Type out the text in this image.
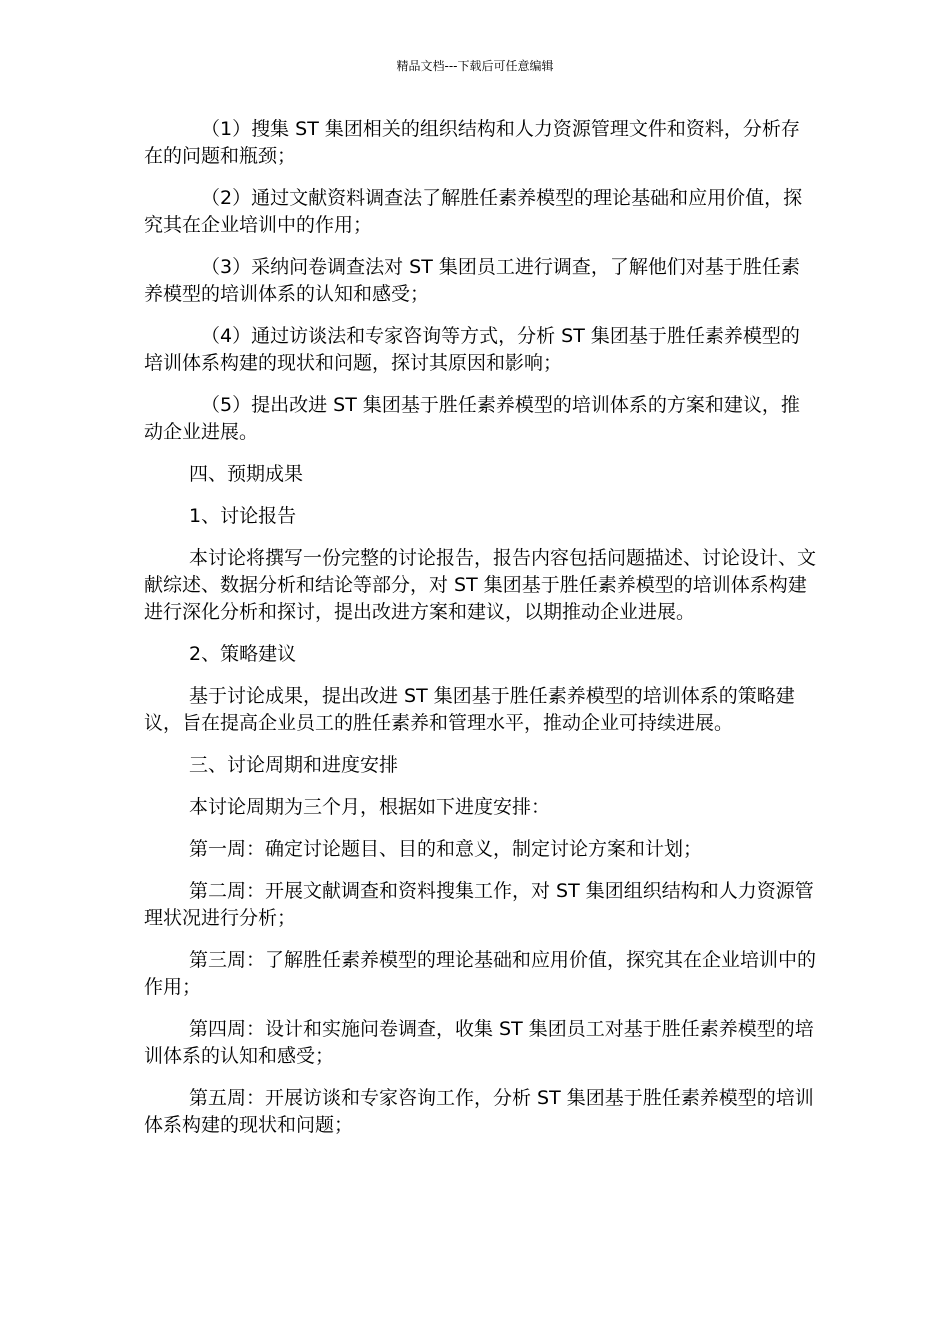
精品文档---下载后可任意编辑

（1）搜集 ST 集团相关的组织结构和人力资源管理文件和资料，分析存在的问题和瓶颈；

（2）通过文献资料调查法了解胜任素养模型的理论基础和应用价值，探究其在企业培训中的作用；

（3）采纳问卷调查法对 ST 集团员工进行调查，了解他们对基于胜任素养模型的培训体系的认知和感受；

（4）通过访谈法和专家咨询等方式，分析 ST 集团基于胜任素养模型的培训体系构建的现状和问题，探讨其原因和影响；

（5）提出改进 ST 集团基于胜任素养模型的培训体系的方案和建议，推动企业进展。

四、预期成果

1、讨论报告

本讨论将撰写一份完整的讨论报告，报告内容包括问题描述、讨论设计、文献综述、数据分析和结论等部分，对 ST 集团基于胜任素养模型的培训体系构建进行深化分析和探讨，提出改进方案和建议，以期推动企业进展。

2、策略建议

基于讨论成果，提出改进 ST 集团基于胜任素养模型的培训体系的策略建议，旨在提高企业员工的胜任素养和管理水平，推动企业可持续进展。

三、讨论周期和进度安排

本讨论周期为三个月，根据如下进度安排：

第一周：确定讨论题目、目的和意义，制定讨论方案和计划；

第二周：开展文献调查和资料搜集工作，对 ST 集团组织结构和人力资源管理状况进行分析；

第三周：了解胜任素养模型的理论基础和应用价值，探究其在企业培训中的作用；

第四周：设计和实施问卷调查，收集 ST 集团员工对基于胜任素养模型的培训体系的认知和感受；

第五周：开展访谈和专家咨询工作，分析 ST 集团基于胜任素养模型的培训体系构建的现状和问题；
